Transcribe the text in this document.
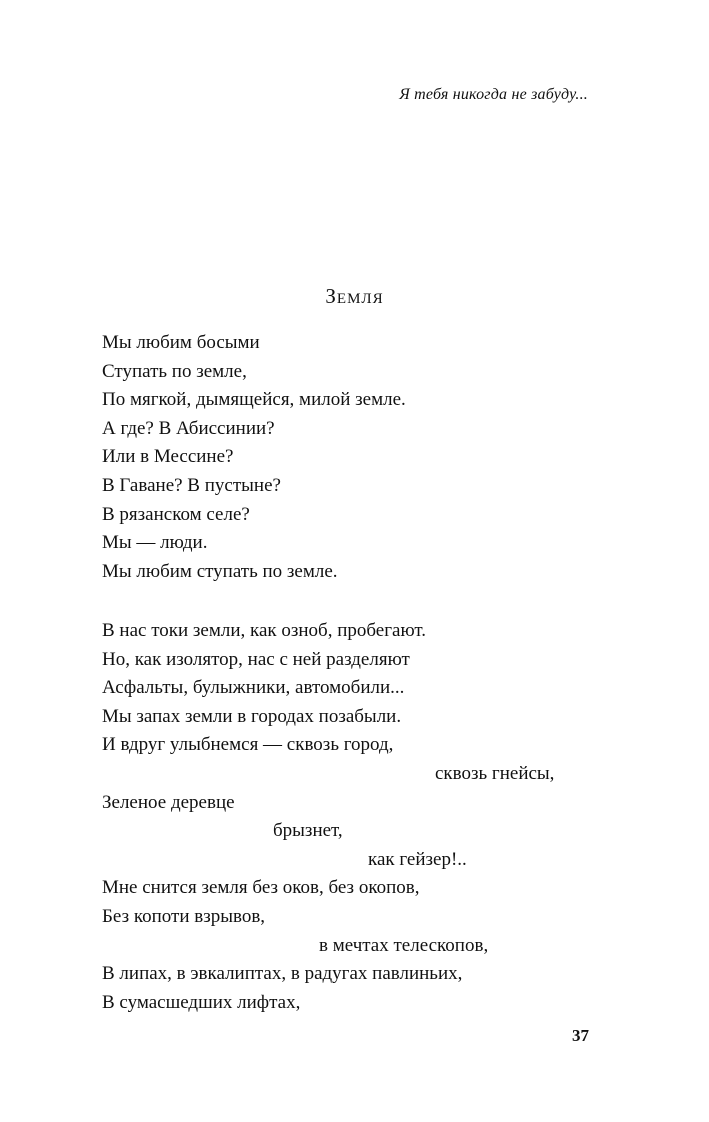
Я тебя никогда не забуду...
Земля
Мы любим босыми
Ступать по земле,
По мягкой, дымящейся, милой земле.
А где? В Абиссинии?
Или в Мессине?
В Гаване? В пустыне?
В рязанском селе?
Мы — люди.
Мы любим ступать по земле.
В нас токи земли, как озноб, пробегают.
Но, как изолятор, нас с ней разделяют
Асфальты, булыжники, автомобили...
Мы запах земли в городах позабыли.
И вдруг улыбнемся — сквозь город,
сквозь гнейсы,
Зеленое деревце
брызнет,
как гейзер!..
Мне снится земля без оков, без окопов,
Без копоти взрывов,
в мечтах телескопов,
В липах, в эвкалиптах, в радугах павлиньих,
В сумасшедших лифтах,
37
